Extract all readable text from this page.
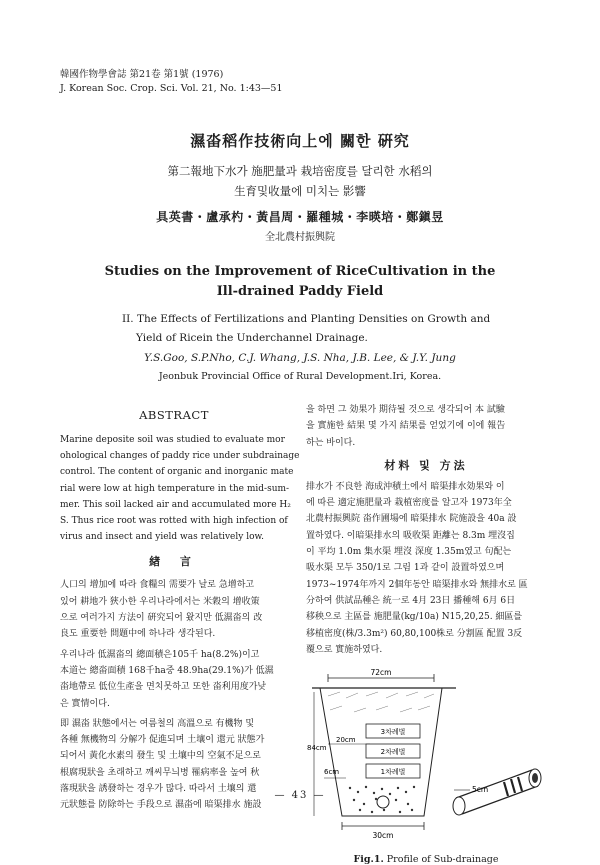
韓國作物學會誌 第21卷 第1號 (1976)
J. Korean Soc. Crop. Sci. Vol. 21, No. 1:43—51
濕畓稻作技術向上에 關한 硏究
第二報地下水가 施肥量과 栽培密度를 달리한 水稻의
生育및收量에 미치는 影響
具英書・盧承杓・黃昌周・羅種城・李暎培・鄭鎭昱
全北農村振興院
Studies on the Improvement of RiceCultivation in the
Ill-drained Paddy Field
II. The Effects of Fertilizations and Planting Densities on Growth and
Yield of Ricein the Underchannel Drainage.
Y.S.Goo, S.P.Nho, C.J. Whang, J.S. Nha, J.B. Lee, & J.Y. Jung
Jeonbuk Provincial Office of Rural Development.Iri, Korea.
ABSTRACT
Marine deposite soil was studied to evaluate mor
ohological changes of paddy rice under subdrainage
control. The content of organic and inorganic mate
rial were low at high temperature in the mid-sum-
mer. This soil lacked air and accumulated more H₂
S. Thus rice root was rotted with high infection of
virus and insect and yield was relatively low.
緖 言
人口의 增加에 따라 食糧의 需要가 날로 急增하고
있어 耕地가 狹小한 우리나라에서는 米穀의 增收策
으로 여러가지 方法이 硏究되어 왔지만 低濕畓의 改
良도 重要한 問題中에 하나라 생각된다.
우리나라 低濕畓의 總面積은105千 ha(8.2%)이고
本道는 總畓面積 168千ha중 48.9ha(29.1%)가 低濕
畓地帶로 低位生產을 면치못하고 또한 畓利用度가낮
은 實情이다.
即 濕畓 狀態에서는 여름철의 高溫으로 有機物 및
各種 無機物의 分解가 促進되며 土壤이 還元 狀態가
되어서 黃化水素의 發生 및 土壤中의 空氣不足으로
根腐現狀을 초래하고 깨씨무늬병 罹病率을 높여 秋
落現狀을 誘發하는 경우가 많다. 따라서 土壤의 還
元狀態를 防除하는 手段으로 濕畓에 暗渠排水 施設
을 하면 그 効果가 期待될 것으로 생각되어 本 試驗
을 實施한 結果 몇 가지 結果를 얻었기에 이에 報告
하는 바이다.
材料 및 方法
排水가 不良한 海成沖積土에서 暗渠排水効果와 이
에 따른 適定施肥量과 栽植密度를 알고자 1973年全
北農村振興院 畓作圃場에 暗渠排水 院施設을 40a 設
置하였다. 이暗渠排水의 吸收渠 距離는 8.3m 埋沒집
이 平均 1.0m 集水渠 埋沒 深度 1.35m였고 句配는
吸水渠 모두 350/1로 그림 1과 같이 設置하였으며
1973~1974年까지 2個年동안 暗渠排水와 無排水로 區
分하여 供試品種은 統一로 4月 23日 播種해 6月 6日
移秧으로 主區를 施肥量(kg/10a) N15,20,25. 細區를
移植密度(株/3.3m²) 60,80,100株로 分割區 配置 3反
覆으로 實施하였다.
72cm
84cm
20cm
3차례벌
2차례벌
1차례벌
6cm
30cm
5cm
Fig.1. Profile of Sub-drainage
— 43 —
